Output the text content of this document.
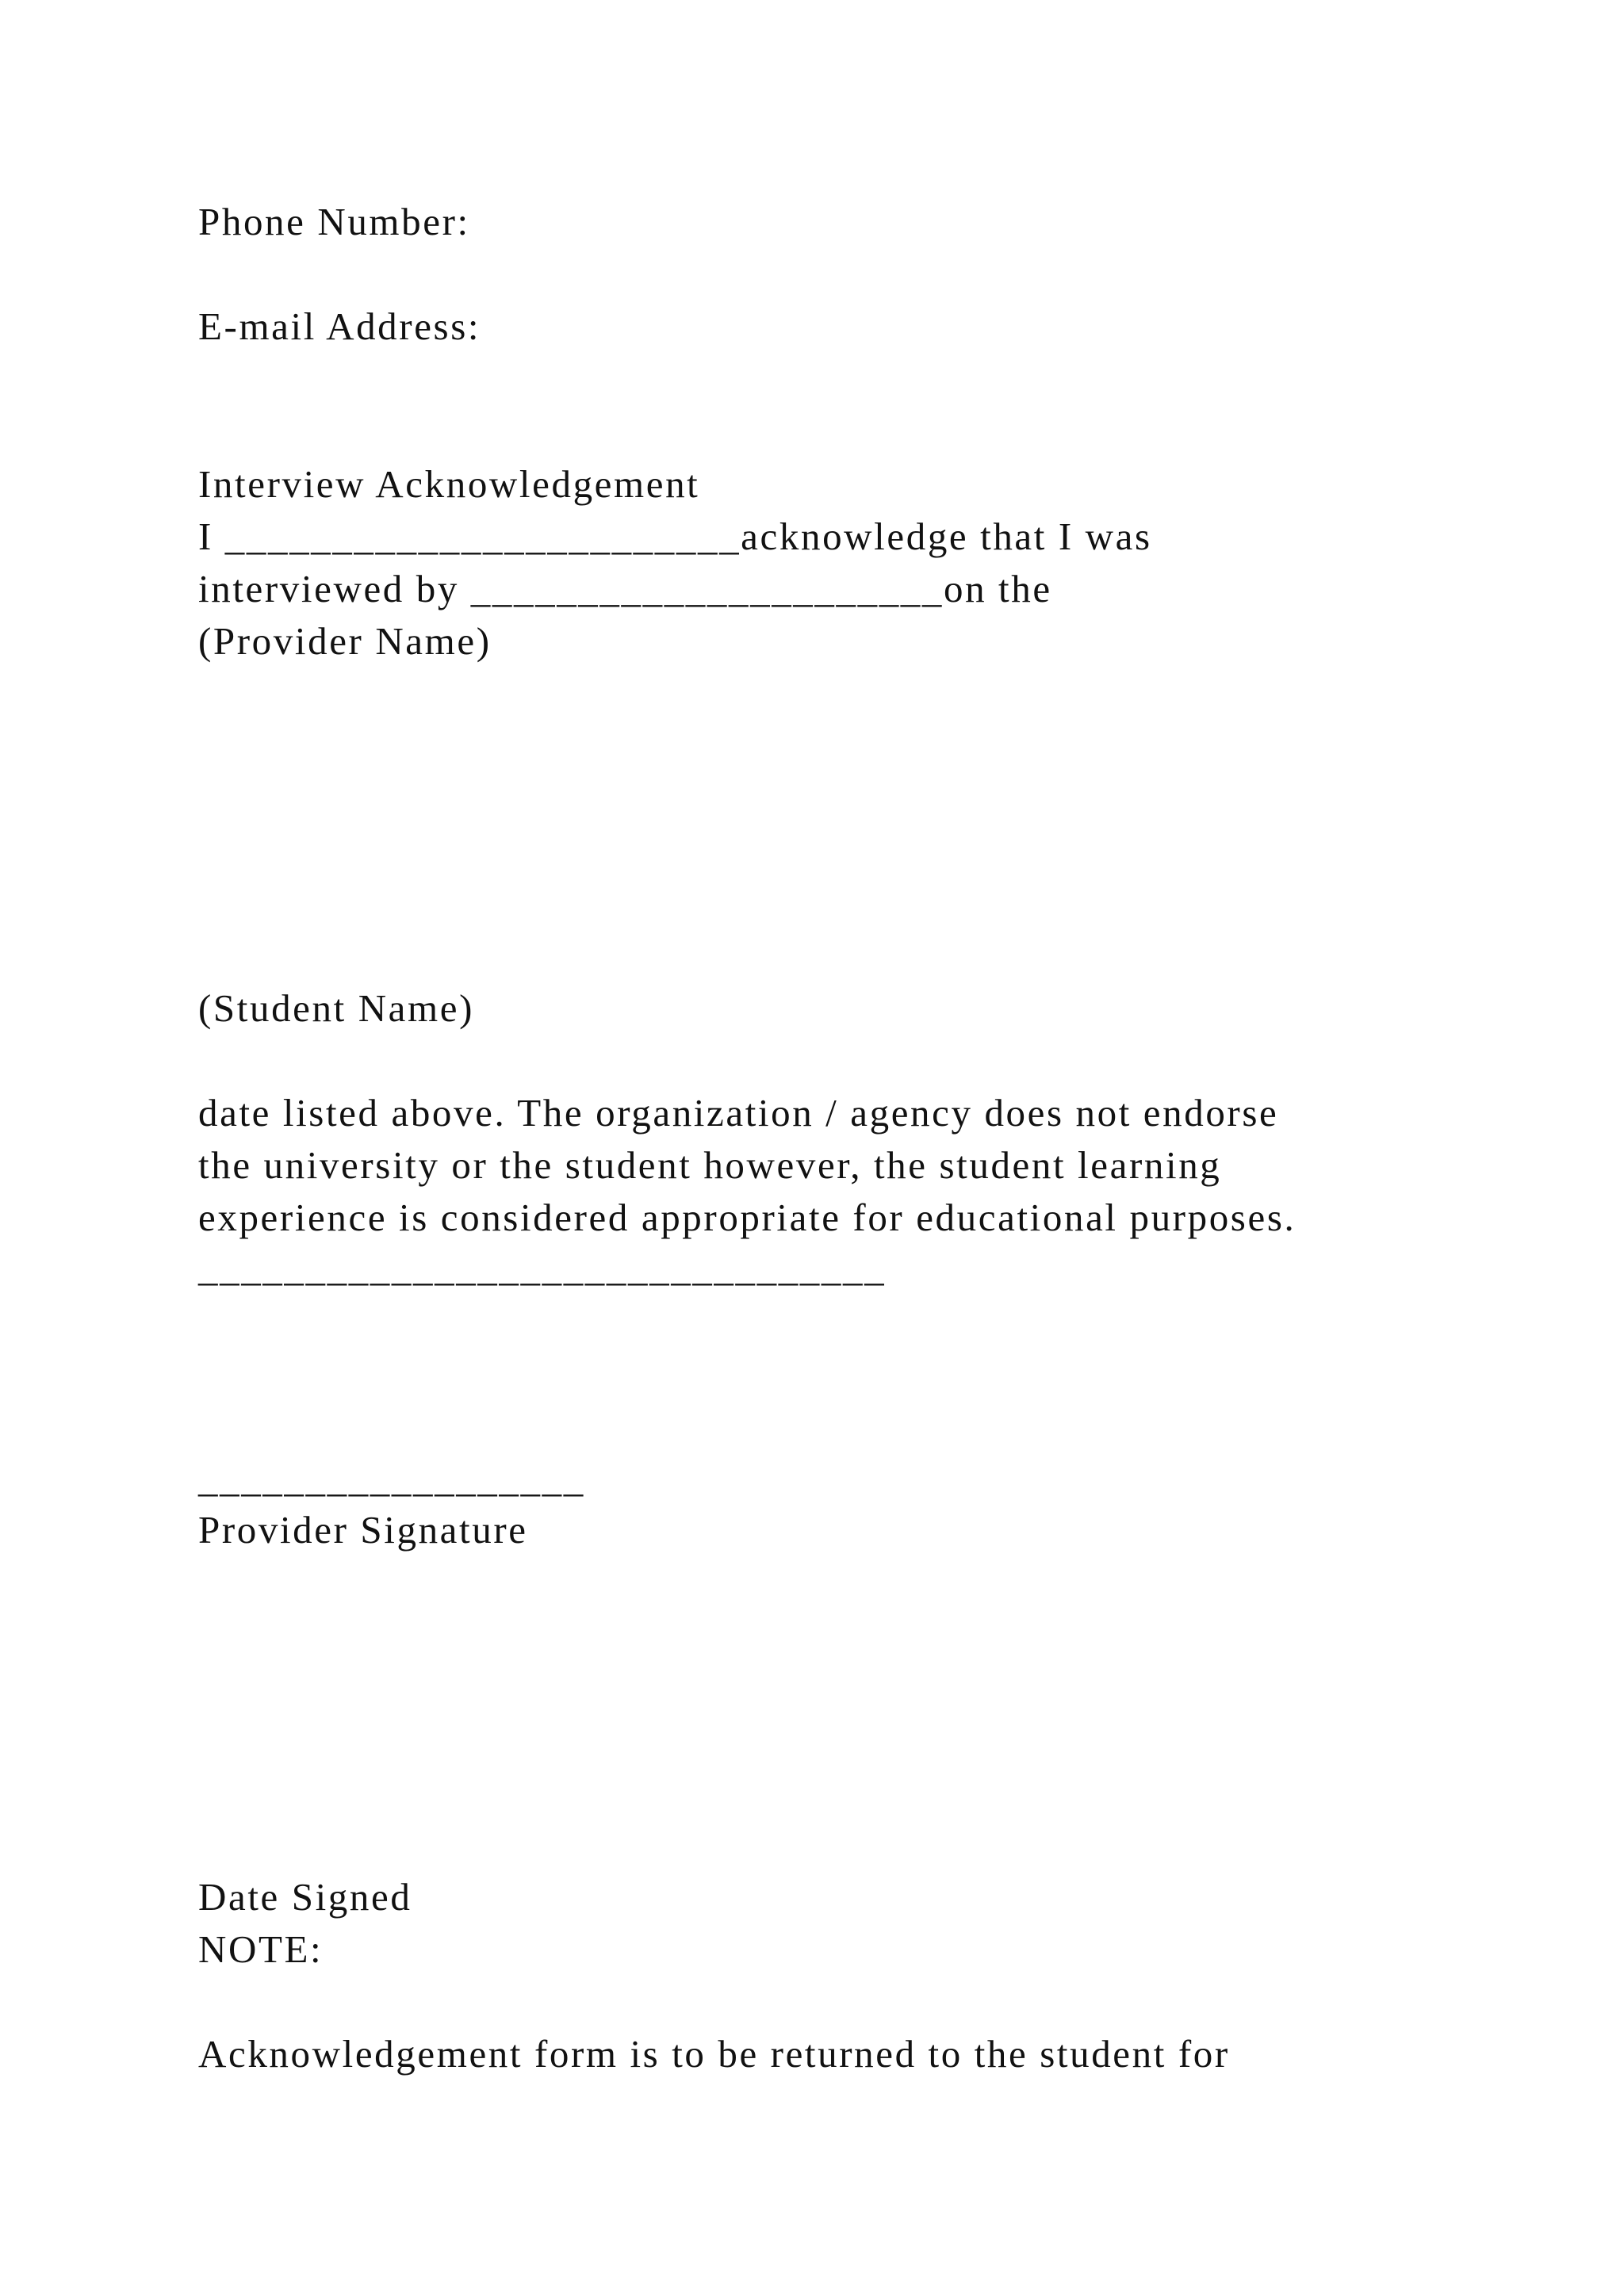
Phone Number:

E-mail Address:

Interview Acknowledgement

I ________________________acknowledge that I was

interviewed by ______________________on the

(Provider Name)

(Student Name)

date listed above. The organization / agency does not endorse

the university or the student however, the student learning

experience is considered appropriate for educational purposes.

________________________________

__________________

Provider Signature

Date Signed

NOTE:

Acknowledgement form is to be returned to the student for
